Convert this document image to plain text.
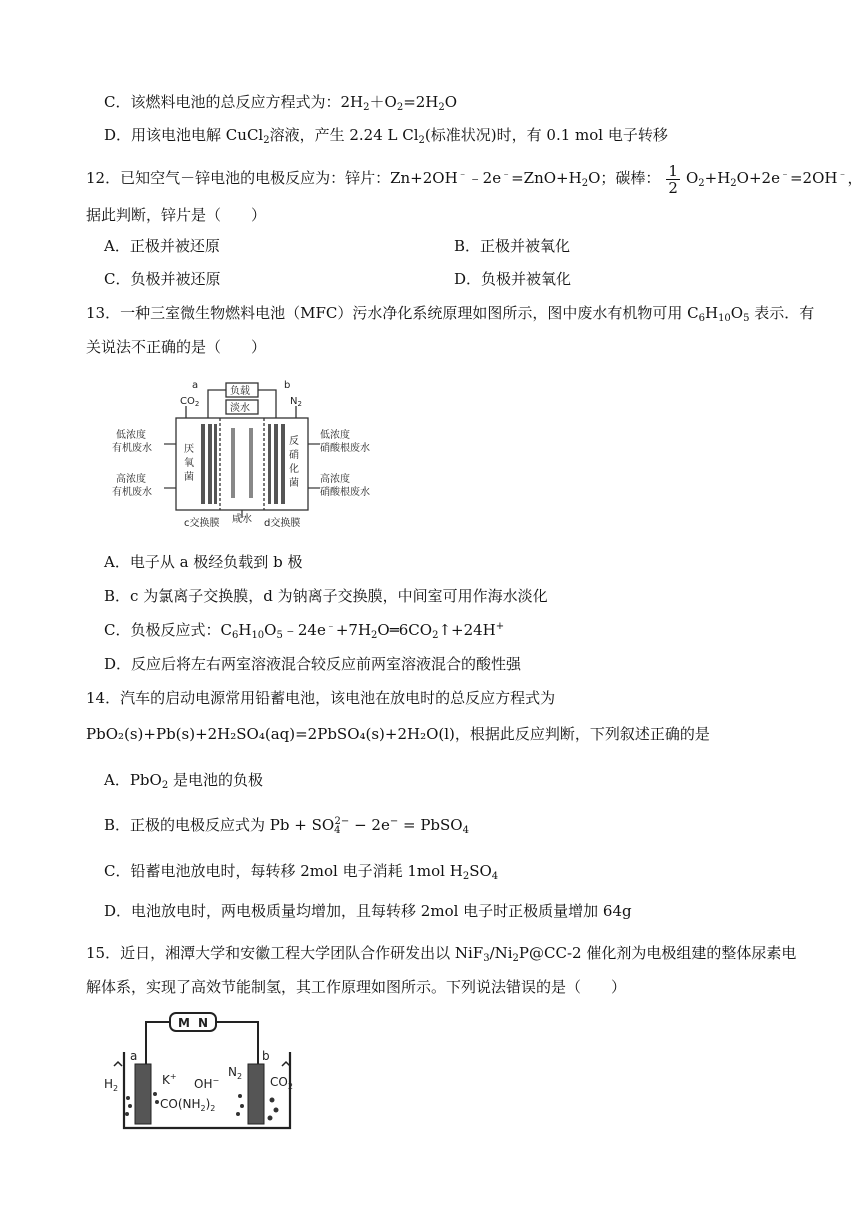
C．该燃料电池的总反应方程式为：$2H_2+O_2=2H_2O$
D．用该电池电解 CuCl$_2$溶液，产生 2.24 L $Cl_2$(标准状况)时，有 0.1 mol 电子转移
12．已知空气－锌电池的电极反应为：锌片：$Zn+2OH^﹣﹣2e^﹣=ZnO+H_2O$；碳棒： $\frac{1}{2} O_2+H_2O+2e^﹣=2OH^﹣$，
据此判断，锌片是（　　）
A．正极并被还原	B．正极并被氧化
C．负极并被还原	D．负极并被氧化
13．一种三室微生物燃料电池（MFC）污水净化系统原理如图所示，图中废水有机物可用 $C_6H_{10}O_5$ 表示．有
关说法不正确的是（　　）
a	b
负载
淡水
$CO_2$	$N_2$
低浓度
有机废水
高浓度
有机废水
低浓度
硝酸根废水
高浓度
硝酸根废水
厌
氧
菌
反
硝
化
菌
c交换膜 咸水 d交换膜
A．电子从 a 极经负载到 b 极
B．c 为氯离子交换膜，d 为钠离子交换膜，中间室可用作海水淡化
C．负极反应式：$C_6H_{10}O_5﹣24e^﹣+7H_2O═6CO_2↑+24H^+$
D．反应后将左右两室溶液混合较反应前两室溶液混合的酸性强
14．汽车的启动电源常用铅蓄电池，该电池在放电时的总反应方程式为
PbO₂(s)+Pb(s)+2H₂SO₄(aq)=2PbSO₄(s)+2H₂O(l)，根据此反应判断，下列叙述正确的是
A．PbO$_2$ 是电池的负极
B．正极的电极反应式为 $Pb + SO_4^{2-} - 2e^-$ = PbSO$_4$
C．铅蓄电池放电时，每转移 2mol 电子消耗 1mol $H_2SO_4$
D．电池放电时，两电极质量均增加，且每转移 2mol 电子时正极质量增加 64g
15．近日，湘潭大学和安徽工程大学团队合作研发出以 $NiF_3/Ni_2P@CC-2$ 催化剂为电极组建的整体尿素电
解体系，实现了高效节能制氢，其工作原理如图所示。下列说法错误的是（　　）
M N
a	b
$H_2$
$N_2$ $CO_2$
K+
OH−
$CO(NH_2)_2$
